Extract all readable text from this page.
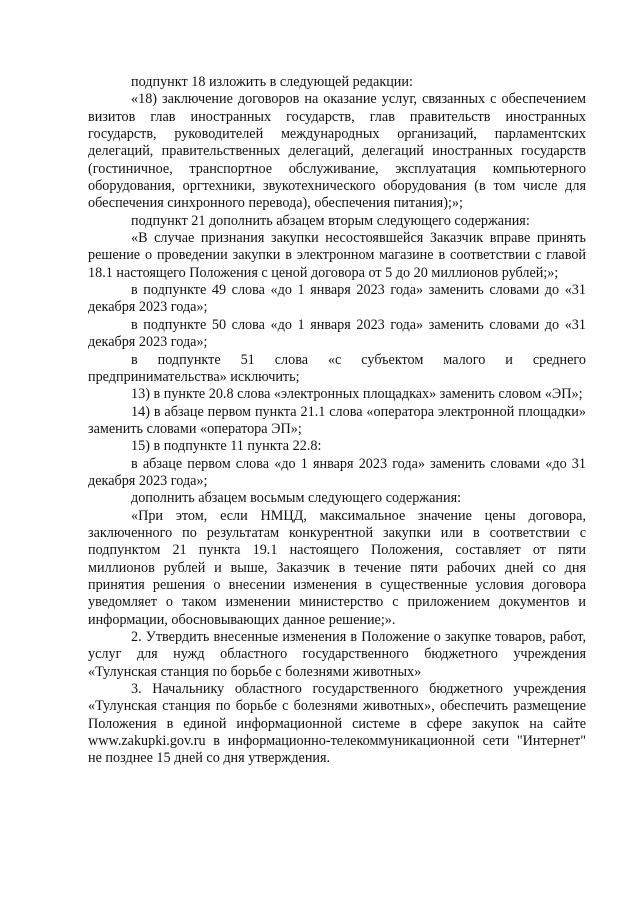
подпункт 18 изложить в следующей редакции:

«18) заключение договоров на оказание услуг, связанных с обеспечением визитов глав иностранных государств, глав правительств иностранных государств, руководителей международных организаций, парламентских делегаций, правительственных делегаций, делегаций иностранных государств (гостиничное, транспортное обслуживание, эксплуатация компьютерного оборудования, оргтехники, звукотехнического оборудования (в том числе для обеспечения синхронного перевода), обеспечения питания);»;

подпункт 21 дополнить абзацем вторым следующего содержания:

«В случае признания закупки несостоявшейся Заказчик вправе принять решение о проведении закупки в электронном магазине в соответствии с главой 18.1 настоящего Положения с ценой договора от 5 до 20 миллионов рублей;»;

в подпункте 49 слова «до 1 января 2023 года» заменить словами до «31 декабря 2023 года»;

в подпункте 50 слова «до 1 января 2023 года» заменить словами до «31 декабря 2023 года»;

в подпункте 51 слова «с субъектом малого и среднего предпринимательства» исключить;

13) в пункте 20.8 слова «электронных площадках» заменить словом «ЭП»;

14) в абзаце первом пункта 21.1 слова «оператора электронной площадки» заменить словами «оператора ЭП»;

15) в подпункте 11 пункта 22.8:

в абзаце первом слова «до 1 января 2023 года» заменить словами «до 31 декабря 2023 года»;

дополнить абзацем восьмым следующего содержания:

«При этом, если НМЦД, максимальное значение цены договора, заключенного по результатам конкурентной закупки или в соответствии с подпунктом 21 пункта 19.1 настоящего Положения, составляет от пяти миллионов рублей и выше, Заказчик в течение пяти рабочих дней со дня принятия решения о внесении изменения в существенные условия договора уведомляет о таком изменении министерство с приложением документов и информации, обосновывающих данное решение;».

2. Утвердить внесенные изменения в Положение о закупке товаров, работ, услуг для нужд областного государственного бюджетного учреждения «Тулунская станция по борьбе с болезнями животных»

3. Начальнику областного государственного бюджетного учреждения «Тулунская станция по борьбе с болезнями животных», обеспечить размещение Положения в единой информационной системе в сфере закупок на сайте www.zakupki.gov.ru в информационно-телекоммуникационной сети "Интернет" не позднее 15 дней со дня утверждения.
